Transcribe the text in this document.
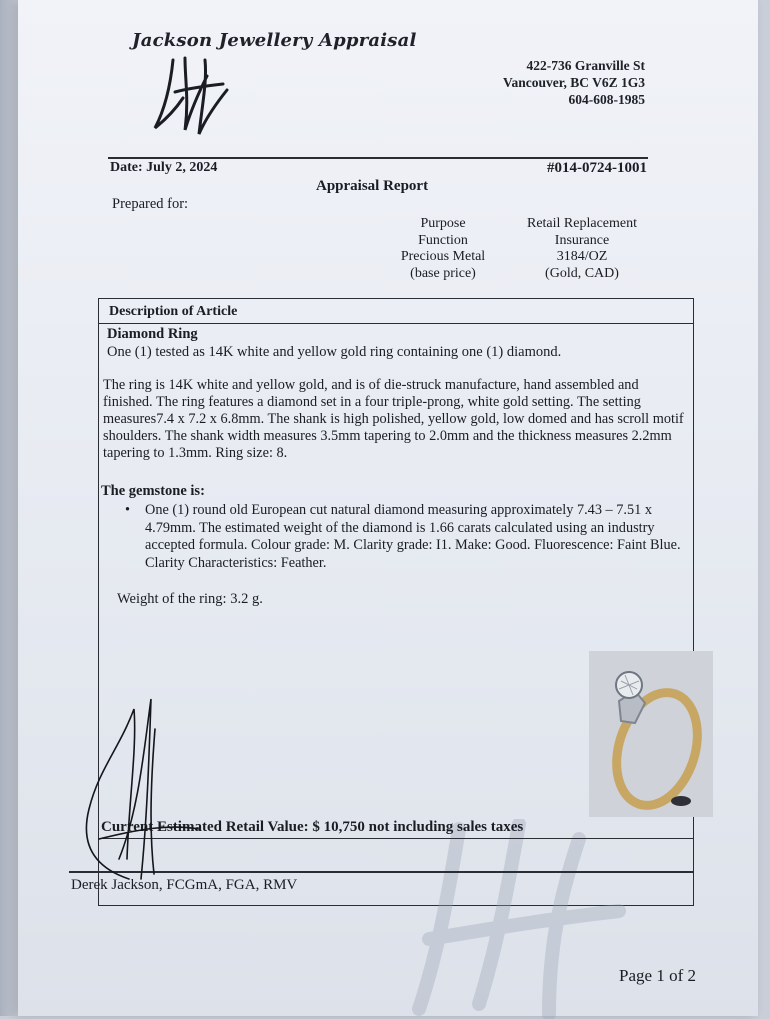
Jackson Jewellery Appraisal
422-736 Granville St
Vancouver, BC V6Z 1G3
604-608-1985
Date: July 2, 2024	#014-0724-1001
Appraisal Report
Prepared for:
Purpose
Function
Precious Metal
(base price)
Retail Replacement
Insurance
3184/OZ
(Gold, CAD)
Description of Article
Diamond Ring
One (1) tested as 14K white and yellow gold ring containing one (1) diamond.
The ring is 14K white and yellow gold, and is of die-struck manufacture, hand assembled and finished. The ring features a diamond set in a four triple-prong, white gold setting. The setting measures7.4 x 7.2 x 6.8mm. The shank is high polished, yellow gold, low domed and has scroll motif shoulders. The shank width measures 3.5mm tapering to 2.0mm and the thickness measures 2.2mm tapering to 1.3mm. Ring size: 8.
The gemstone is:
• One (1) round old European cut natural diamond measuring approximately 7.43 – 7.51 x 4.79mm. The estimated weight of the diamond is 1.66 carats calculated using an industry accepted formula. Colour grade: M. Clarity grade: I1. Make: Good. Fluorescence: Faint Blue. Clarity Characteristics: Feather.
Weight of the ring: 3.2 g.
Current Estimated Retail Value: $ 10,750 not including sales taxes
Derek Jackson, FCGmA, FGA, RMV
Page 1 of 2
